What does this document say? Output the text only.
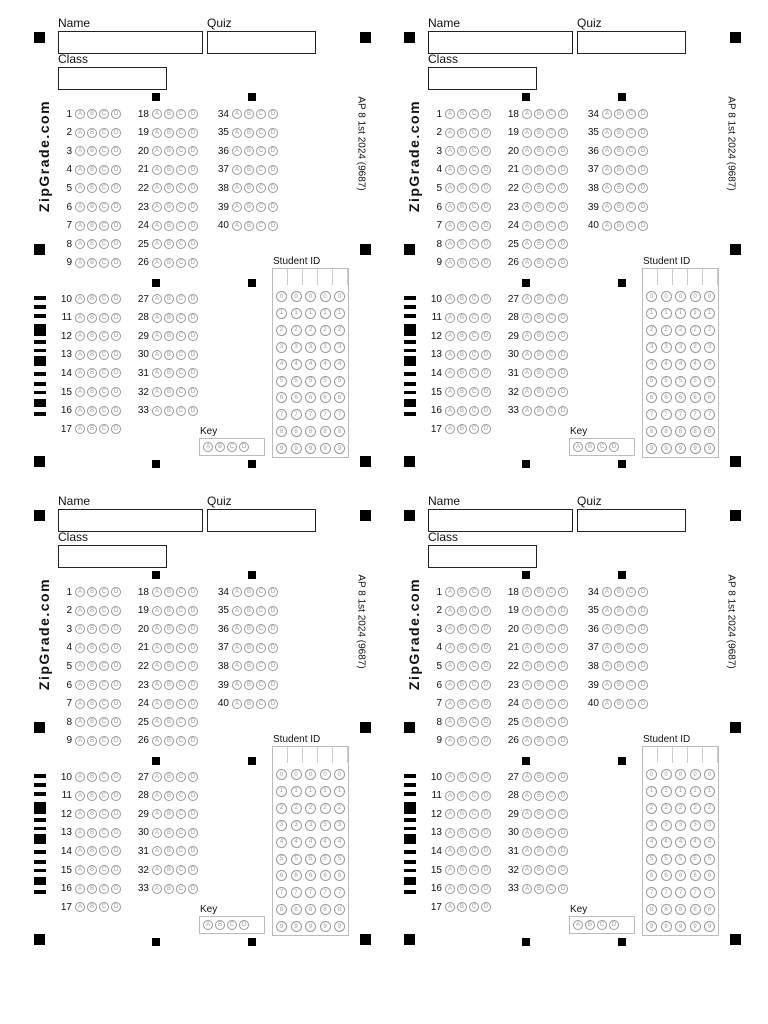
Name	Quiz
Class
ZipGrade.com	AP 8 1st 2024 (9687)
1 A	B	C	D
2 A	B	C	D
3 A	B	C	D
4 A	B	C	D
5 A	B	C	D
6 A	B	C	D
7 A	B	C	D
8 A	B	C	D
9 A	B	C	D
18 A	B	C	D
19 A	B	C	D
20 A	B	C	D
21 A	B	C	D
22 A	B	C	D
23 A	B	C	D
24 A	B	C	D
25 A	B	C	D
26 A	B	C	D
34 A	B	C	D
35 A	B	C	D
36 A	B	C	D
37 A	B	C	D
38 A	B	C	D
39 A	B	C	D
40 A	B	C	D
10 A	B	C	D
11 A	B	C	D
12 A	B	C	D
13 A	B	C	D
14 A	B	C	D
15 A	B	C	D
16 A	B	C	D
17 A	B	C	D
27 A	B	C	D
28 A	B	C	D
29 A	B	C	D
30 A	B	C	D
31 A	B	C	D
32 A	B	C	D
33 A	B	C	D
Student ID
0	0	0	0	0
1	1	1	1	1
2	2	2	2	2
3	3	3	3	3
4	4	4	4	4
5	5	5	5	5
6	6	6	6	6
7	7	7	7	7
8	8	8	8	8
9	9	9	9	9
Key
A	B	C	D
Name	Quiz
Class
ZipGrade.com	AP 8 1st 2024 (9687)
1 A	B	C	D
2 A	B	C	D
3 A	B	C	D
4 A	B	C	D
5 A	B	C	D
6 A	B	C	D
7 A	B	C	D
8 A	B	C	D
9 A	B	C	D
18 A	B	C	D
19 A	B	C	D
20 A	B	C	D
21 A	B	C	D
22 A	B	C	D
23 A	B	C	D
24 A	B	C	D
25 A	B	C	D
26 A	B	C	D
34 A	B	C	D
35 A	B	C	D
36 A	B	C	D
37 A	B	C	D
38 A	B	C	D
39 A	B	C	D
40 A	B	C	D
10 A	B	C	D
11 A	B	C	D
12 A	B	C	D
13 A	B	C	D
14 A	B	C	D
15 A	B	C	D
16 A	B	C	D
17 A	B	C	D
27 A	B	C	D
28 A	B	C	D
29 A	B	C	D
30 A	B	C	D
31 A	B	C	D
32 A	B	C	D
33 A	B	C	D
Student ID
0	0	0	0	0
1	1	1	1	1
2	2	2	2	2
3	3	3	3	3
4	4	4	4	4
5	5	5	5	5
6	6	6	6	6
7	7	7	7	7
8	8	8	8	8
9	9	9	9	9
Key
A	B	C	D
Name	Quiz
Class
ZipGrade.com	AP 8 1st 2024 (9687)
1 A	B	C	D
2 A	B	C	D
3 A	B	C	D
4 A	B	C	D
5 A	B	C	D
6 A	B	C	D
7 A	B	C	D
8 A	B	C	D
9 A	B	C	D
18 A	B	C	D
19 A	B	C	D
20 A	B	C	D
21 A	B	C	D
22 A	B	C	D
23 A	B	C	D
24 A	B	C	D
25 A	B	C	D
26 A	B	C	D
34 A	B	C	D
35 A	B	C	D
36 A	B	C	D
37 A	B	C	D
38 A	B	C	D
39 A	B	C	D
40 A	B	C	D
10 A	B	C	D
11 A	B	C	D
12 A	B	C	D
13 A	B	C	D
14 A	B	C	D
15 A	B	C	D
16 A	B	C	D
17 A	B	C	D
27 A	B	C	D
28 A	B	C	D
29 A	B	C	D
30 A	B	C	D
31 A	B	C	D
32 A	B	C	D
33 A	B	C	D
Student ID
0	0	0	0	0
1	1	1	1	1
2	2	2	2	2
3	3	3	3	3
4	4	4	4	4
5	5	5	5	5
6	6	6	6	6
7	7	7	7	7
8	8	8	8	8
9	9	9	9	9
Key
A	B	C	D
Name	Quiz
Class
ZipGrade.com	AP 8 1st 2024 (9687)
1 A	B	C	D
2 A	B	C	D
3 A	B	C	D
4 A	B	C	D
5 A	B	C	D
6 A	B	C	D
7 A	B	C	D
8 A	B	C	D
9 A	B	C	D
18 A	B	C	D
19 A	B	C	D
20 A	B	C	D
21 A	B	C	D
22 A	B	C	D
23 A	B	C	D
24 A	B	C	D
25 A	B	C	D
26 A	B	C	D
34 A	B	C	D
35 A	B	C	D
36 A	B	C	D
37 A	B	C	D
38 A	B	C	D
39 A	B	C	D
40 A	B	C	D
10 A	B	C	D
11 A	B	C	D
12 A	B	C	D
13 A	B	C	D
14 A	B	C	D
15 A	B	C	D
16 A	B	C	D
17 A	B	C	D
27 A	B	C	D
28 A	B	C	D
29 A	B	C	D
30 A	B	C	D
31 A	B	C	D
32 A	B	C	D
33 A	B	C	D
Student ID
0	0	0	0	0
1	1	1	1	1
2	2	2	2	2
3	3	3	3	3
4	4	4	4	4
5	5	5	5	5
6	6	6	6	6
7	7	7	7	7
8	8	8	8	8
9	9	9	9	9
Key
A	B	C	D
